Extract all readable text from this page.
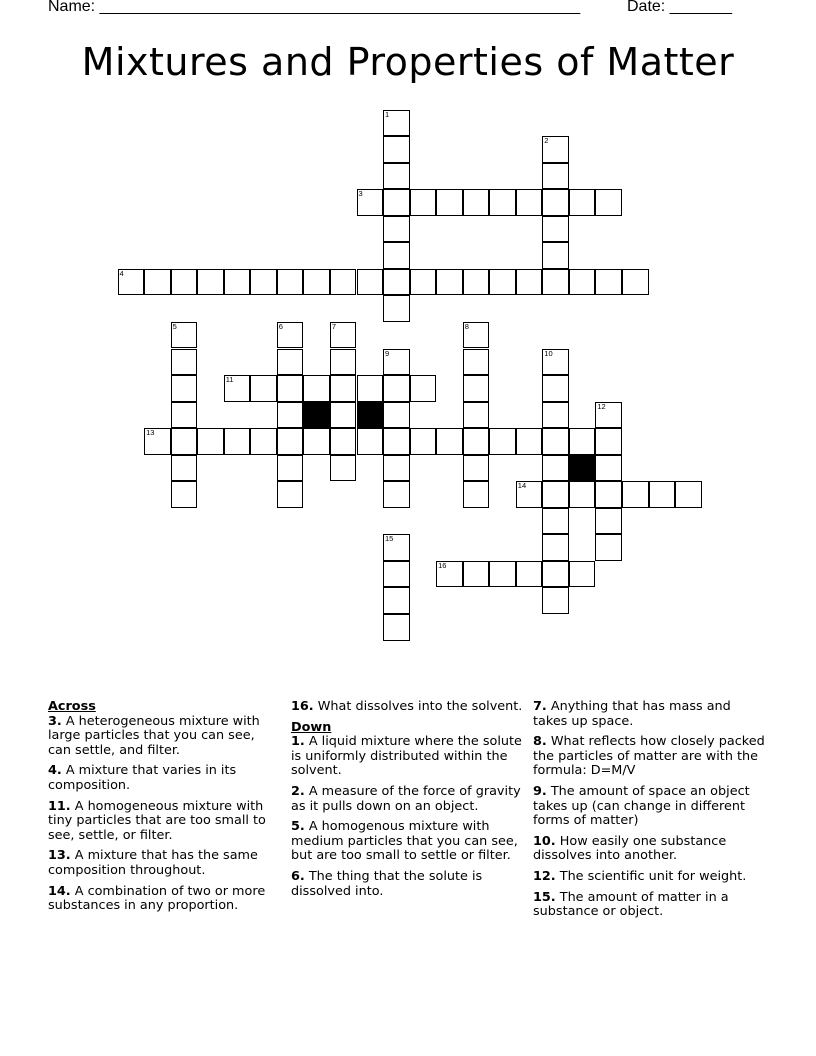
Name: ______________________________________________________	Date: _______
Mixtures and Properties of Matter
1
2
3
4
5	6	7	8
9	10
11
12
13
14
15
16

Across

3. A heterogeneous mixture with large particles that you can see, can settle, and filter.

4. A mixture that varies in its composition.

11. A homogeneous mixture with tiny particles that are too small to see, settle, or filter.

13. A mixture that has the same composition throughout.

14. A combination of two or more substances in any proportion.

16. What dissolves into the solvent.

Down

1. A liquid mixture where the solute is uniformly distributed within the solvent.

2. A measure of the force of gravity as it pulls down on an object.

5. A homogenous mixture with medium particles that you can see, but are too small to settle or filter.

6. The thing that the solute is dissolved into.

7. Anything that has mass and takes up space.

8. What reflects how closely packed the particles of matter are with the formula: D=M/V

9. The amount of space an object takes up (can change in different forms of matter)

10. How easily one substance dissolves into another.

12. The scientific unit for weight.

15. The amount of matter in a substance or object.
